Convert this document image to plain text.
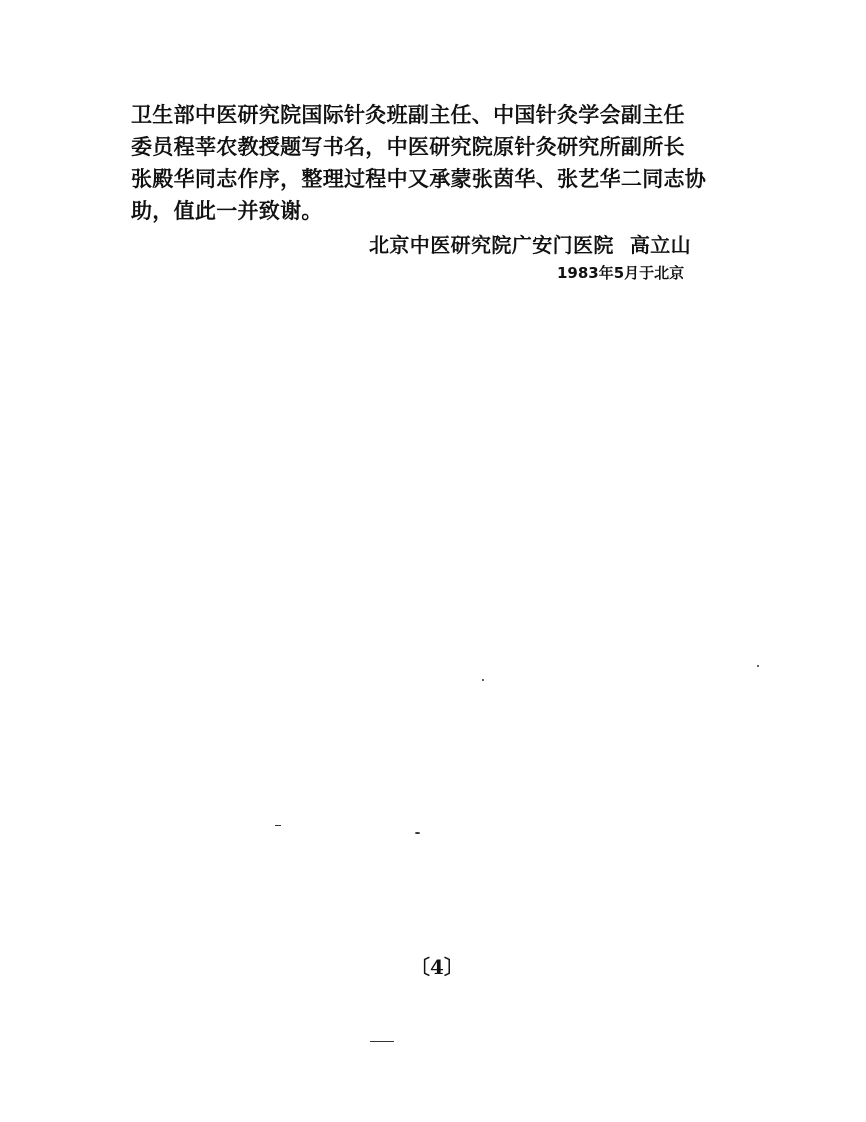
卫生部中医研究院国际针灸班副主任、中国针灸学会副主任
委员程莘农教授题写书名，中医研究院原针灸研究所副所长
张殿华同志作序，整理过程中又承蒙张茵华、张艺华二同志协
助，值此一并致谢。
北京中医研究院广安门医院 高立山
1983年5月于北京
〔4〕
